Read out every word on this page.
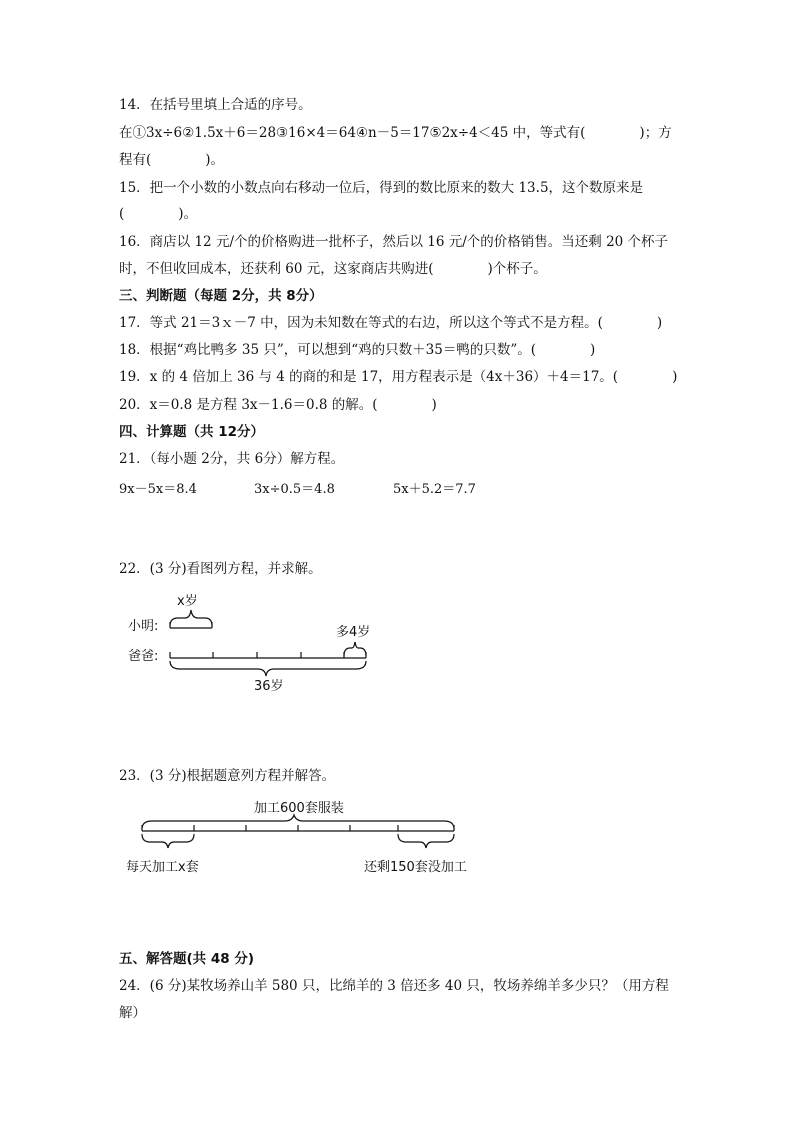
14．在括号里填上合适的序号。
在①3x÷6②1.5x＋6＝28③16×4＝64④n－5＝17⑤2x÷4＜45 中，等式有(　　　　)；方
程有(　　　　)。
15．把一个小数的小数点向右移动一位后，得到的数比原来的数大 13.5，这个数原来是
(　　　　)。
16．商店以 12 元/个的价格购进一批杯子，然后以 16 元/个的价格销售。当还剩 20 个杯子
时，不但收回成本，还获利 60 元，这家商店共购进(　　　　)个杯子。
三、判断题（每题 2分，共 8分）
17．等式 21＝3ｘ－7 中，因为未知数在等式的右边，所以这个等式不是方程。(　　　　)
18．根据“鸡比鸭多 35 只”，可以想到“鸡的只数＋35＝鸭的只数”。(　　　　)
19．x 的 4 倍加上 36 与 4 的商的和是 17，用方程表示是（4x＋36）＋4＝17。(　　　　)
20．x＝0.8 是方程 3x－1.6＝0.8 的解。(　　　　)
四、计算题（共 12分）
21．（每小题 2分，共 6分）解方程。
9x－5x＝8.4	3x÷0.5＝4.8	5x＋5.2＝7.7
22．(3 分)看图列方程，并求解。
x岁
小明:	多4岁
爸爸:
36岁
23．(3 分)根据题意列方程并解答。
加工600套服装
每天加工x套	还剩150套没加工
五、解答题(共 48 分)
24．(6 分)某牧场养山羊 580 只，比绵羊的 3 倍还多 40 只，牧场养绵羊多少只？（用方程
解）
